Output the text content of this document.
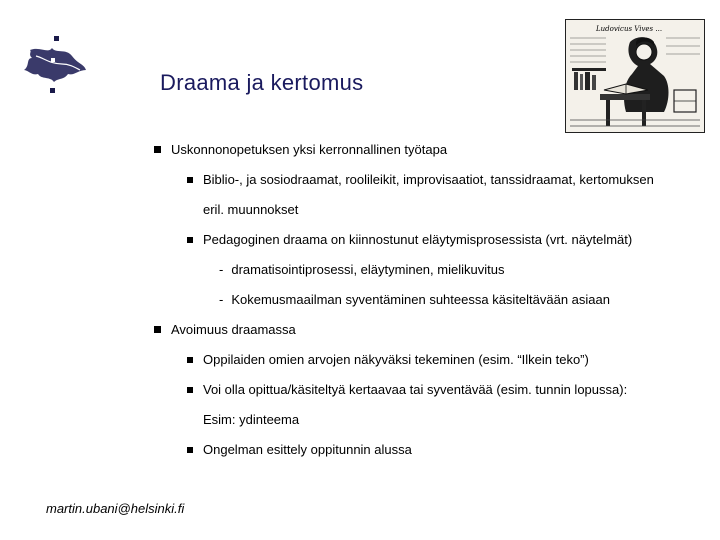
Draama ja kertomus
Ludovicus Vives ...
Uskonnonopetuksen yksi kerronnallinen työtapa
Biblio-, ja sosiodraamat, roolileikit, improvisaatiot, tanssidraamat, kertomuksen
eril. muunnokset
Pedagoginen draama on kiinnostunut eläytymisprosessista (vrt. näytelmät)
- dramatisointiprosessi, eläytyminen, mielikuvitus
- Kokemusmaailman syventäminen suhteessa käsiteltävään asiaan
Avoimuus draamassa
Oppilaiden omien arvojen näkyväksi tekeminen (esim. “Ilkein teko”)
Voi olla opittua/käsiteltyä kertaavaa tai syventävää (esim. tunnin lopussa):
Esim: ydinteema
Ongelman esittely oppitunnin alussa
martin.ubani@helsinki.fi
